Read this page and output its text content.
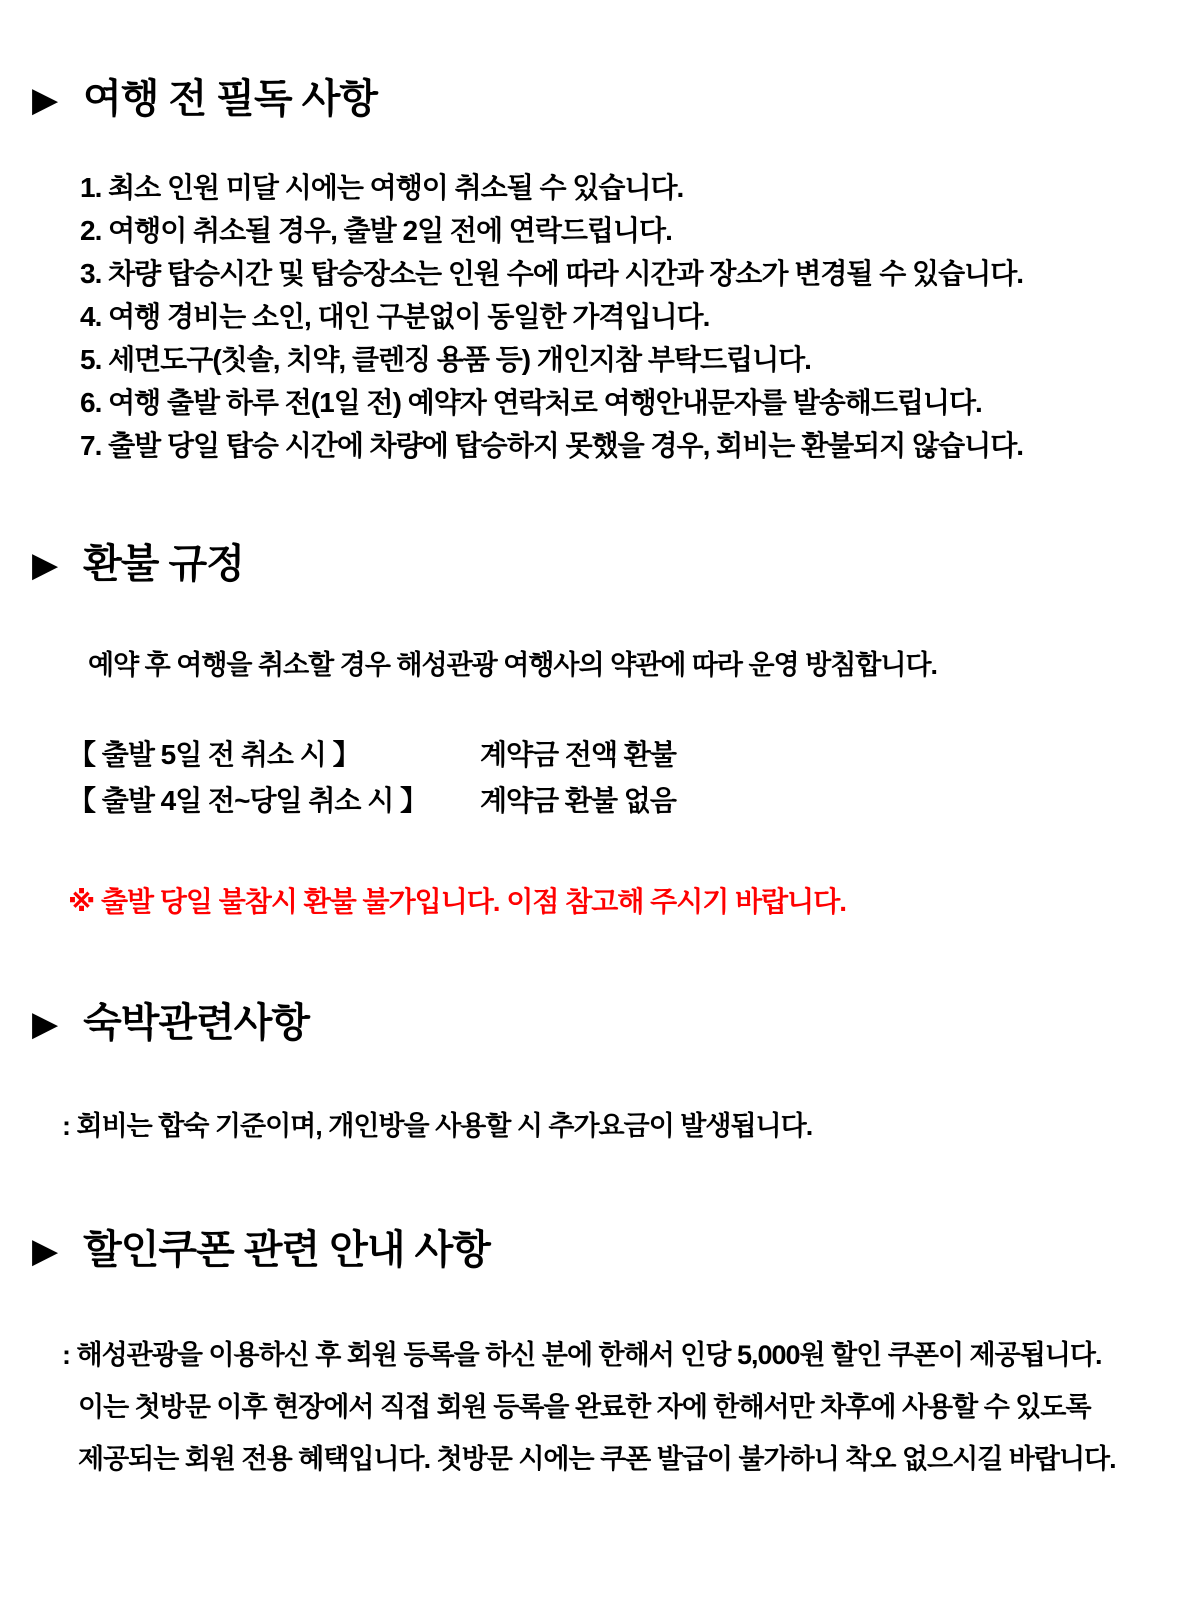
▶ 여행 전 필독 사항
1. 최소 인원 미달 시에는 여행이 취소될 수 있습니다.
2. 여행이 취소될 경우, 출발 2일 전에 연락드립니다.
3. 차량 탑승시간 및 탑승장소는 인원 수에 따라 시간과 장소가 변경될 수 있습니다.
4. 여행 경비는 소인, 대인 구분없이 동일한 가격입니다.
5. 세면도구(칫솔, 치약, 클렌징 용품 등) 개인지참 부탁드립니다.
6. 여행 출발 하루 전(1일 전) 예약자 연락처로 여행안내문자를 발송해드립니다.
7. 출발 당일 탑승 시간에 차량에 탑승하지 못했을 경우, 회비는 환불되지 않습니다.
▶ 환불 규정

예약 후 여행을 취소할 경우 해성관광 여행사의 약관에 따라 운영 방침합니다.

【 출발 5일 전 취소 시 】	계약금 전액 환불
【 출발 4일 전~당일 취소 시 】	계약금 환불 없음

※ 출발 당일 불참시 환불 불가입니다. 이점 참고해 주시기 바랍니다.

▶ 숙박관련사항

: 회비는 합숙 기준이며, 개인방을 사용할 시 추가요금이 발생됩니다.

▶ 할인쿠폰 관련 안내 사항
: 해성관광을 이용하신 후 회원 등록을 하신 분에 한해서 인당 5,000원 할인 쿠폰이 제공됩니다.
이는 첫방문 이후 현장에서 직접 회원 등록을 완료한 자에 한해서만 차후에 사용할 수 있도록
제공되는 회원 전용 혜택입니다. 첫방문 시에는 쿠폰 발급이 불가하니 착오 없으시길 바랍니다.
